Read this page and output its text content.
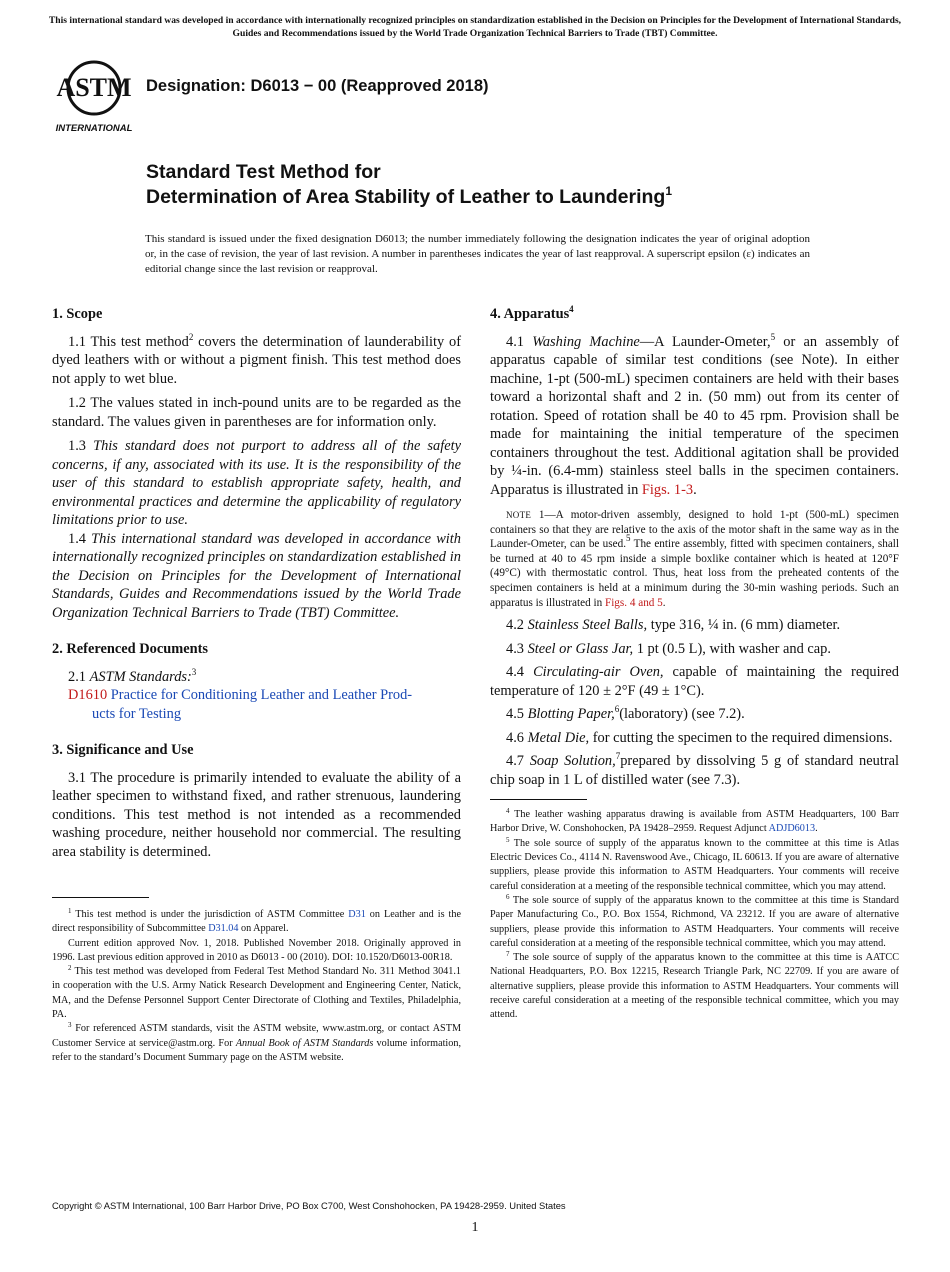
This international standard was developed in accordance with internationally recognized principles on standardization established in the Decision on Principles for the Development of International Standards, Guides and Recommendations issued by the World Trade Organization Technical Barriers to Trade (TBT) Committee.
ASTM
INTERNATIONAL
Designation: D6013 − 00 (Reapproved 2018)
Standard Test Method for
Determination of Area Stability of Leather to Laundering$^1$
This standard is issued under the fixed designation D6013; the number immediately following the designation indicates the year of original adoption or, in the case of revision, the year of last revision. A number in parentheses indicates the year of last reapproval. A superscript epsilon (ε) indicates an editorial change since the last revision or reapproval.
1. Scope

1.1 This test method$^2$ covers the determination of launderability of dyed leathers with or without a pigment finish. This test method does not apply to wet blue.

1.2 The values stated in inch-pound units are to be regarded as the standard. The values given in parentheses are for information only.

1.3 This standard does not purport to address all of the safety concerns, if any, associated with its use. It is the responsibility of the user of this standard to establish appropriate safety, health, and environmental practices and determine the applicability of regulatory limitations prior to use.

1.4 This international standard was developed in accordance with internationally recognized principles on standardization established in the Decision on Principles for the Development of International Standards, Guides and Recommendations issued by the World Trade Organization Technical Barriers to Trade (TBT) Committee.

2. Referenced Documents

2.1 ASTM Standards:$^3$

D1610 Practice for Conditioning Leather and Leather Prod-
ucts for Testing
3. Significance and Use

3.1 The procedure is primarily intended to evaluate the ability of a leather specimen to withstand fixed, and rather strenuous, laundering conditions. This test method is not intended as a recommended washing procedure, neither household nor commercial. The resulting area stability is determined.

$^1$ This test method is under the jurisdiction of ASTM Committee D31 on Leather and is the direct responsibility of Subcommittee D31.04 on Apparel.

Current edition approved Nov. 1, 2018. Published November 2018. Originally approved in 1996. Last previous edition approved in 2010 as D6013 - 00 (2010). DOI: 10.1520/D6013-00R18.

$^2$ This test method was developed from Federal Test Method Standard No. 311 Method 3041.1 in cooperation with the U.S. Army Natick Research Development and Engineering Center, Natick, MA, and the Defense Personnel Support Center Directorate of Clothing and Textiles, Philadelphia, PA.

$^3$ For referenced ASTM standards, visit the ASTM website, www.astm.org, or contact ASTM Customer Service at service@astm.org. For Annual Book of ASTM Standards volume information, refer to the standard’s Document Summary page on the ASTM website.

4. Apparatus$^4$

4.1 Washing Machine—A Launder-Ometer,$^5$ or an assembly of apparatus capable of similar test conditions (see Note). In either machine, 1-pt (500-mL) specimen containers are held with their bases toward a horizontal shaft and 2 in. (50 mm) out from its center of rotation. Speed of rotation shall be 40 to 45 rpm. Provision shall be made for maintaining the initial temperature of the specimen containers throughout the test. Additional agitation shall be provided by ¼-in. (6.4-mm) stainless steel balls in the specimen containers. Apparatus is illustrated in Figs. 1-3.

NOTE 1—A motor-driven assembly, designed to hold 1-pt (500-mL) specimen containers so that they are relative to the axis of the motor shaft in the same way as in the Launder-Ometer, can be used.$^5$ The entire assembly, fitted with specimen containers, shall be turned at 40 to 45 rpm inside a simple boxlike container which is heated at 120°F (49°C) with thermostatic control. Thus, heat loss from the preheated contents of the specimen containers is held at a minimum during the 30-min washing periods. Such an apparatus is illustrated in Figs. 4 and 5.

4.2 Stainless Steel Balls, type 316, ¼ in. (6 mm) diameter.

4.3 Steel or Glass Jar, 1 pt (0.5 L), with washer and cap.

4.4 Circulating-air Oven, capable of maintaining the required temperature of 120 ± 2°F (49 ± 1°C).

4.5 Blotting Paper,$^6$(laboratory) (see 7.2).

4.6 Metal Die, for cutting the specimen to the required dimensions.

4.7 Soap Solution,$^7$prepared by dissolving 5 g of standard neutral chip soap in 1 L of distilled water (see 7.3).

$^4$ The leather washing apparatus drawing is available from ASTM Headquarters, 100 Barr Harbor Drive, W. Conshohocken, PA 19428–2959. Request Adjunct ADJD6013.

$^5$ The sole source of supply of the apparatus known to the committee at this time is Atlas Electric Devices Co., 4114 N. Ravenswood Ave., Chicago, IL 60613. If you are aware of alternative suppliers, please provide this information to ASTM Headquarters. Your comments will receive careful consideration at a meeting of the responsible technical committee, which you may attend.

$^6$ The sole source of supply of the apparatus known to the committee at this time is Standard Paper Manufacturing Co., P.O. Box 1554, Richmond, VA 23212. If you are aware of alternative suppliers, please provide this information to ASTM Headquarters. Your comments will receive careful consideration at a meeting of the responsible technical committee, which you may attend.

$^7$ The sole source of supply of the apparatus known to the committee at this time is AATCC National Headquarters, P.O. Box 12215, Research Triangle Park, NC 22709. If you are aware of alternative suppliers, please provide this information to ASTM Headquarters. Your comments will receive careful consideration at a meeting of the responsible technical committee, which you may attend.

Copyright © ASTM International, 100 Barr Harbor Drive, PO Box C700, West Conshohocken, PA 19428-2959. United States
1
